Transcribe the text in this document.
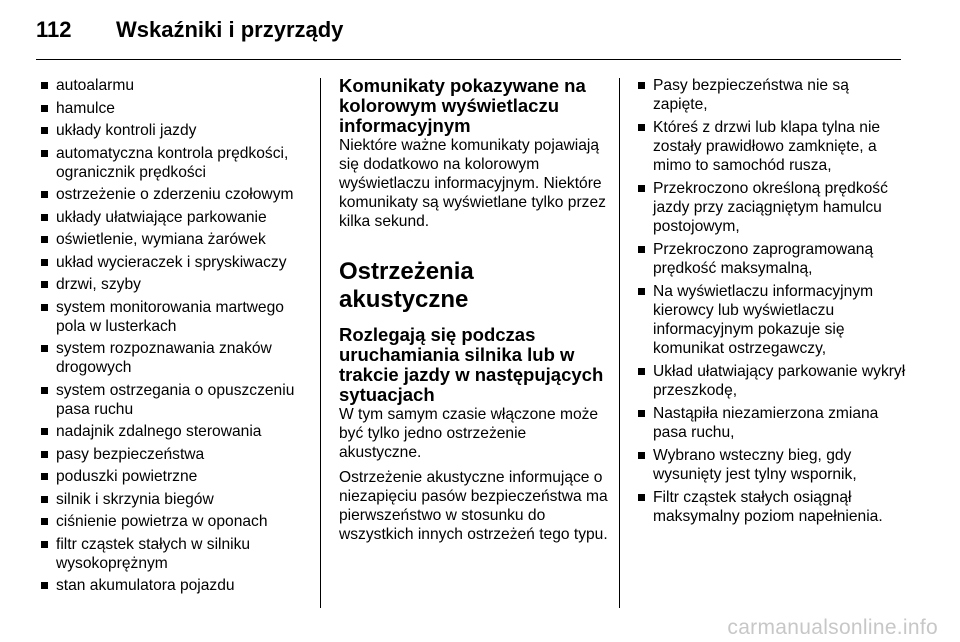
112 Wskaźniki i przyrządy
autoalarmu
hamulce
układy kontroli jazdy
automatyczna kontrola prędkości, ogranicznik prędkości
ostrzeżenie o zderzeniu czołowym
układy ułatwiające parkowanie
oświetlenie, wymiana żarówek
układ wycieraczek i spryskiwaczy
drzwi, szyby
system monitorowania martwego pola w lusterkach
system rozpoznawania znaków drogowych
system ostrzegania o opuszczeniu pasa ruchu
nadajnik zdalnego sterowania
pasy bezpieczeństwa
poduszki powietrzne
silnik i skrzynia biegów
ciśnienie powietrza w oponach
filtr cząstek stałych w silniku wysokoprężnym
stan akumulatora pojazdu
Komunikaty pokazywane na kolorowym wyświetlaczu informacyjnym

Niektóre ważne komunikaty pojawiają się dodatkowo na kolorowym wyświetlaczu informacyjnym. Niektóre komunikaty są wyświetlane tylko przez kilka sekund.

Ostrzeżenia akustyczne
Rozlegają się podczas uruchamiania silnika lub w trakcie jazdy w następujących sytuacjach

W tym samym czasie włączone może być tylko jedno ostrzeżenie akustyczne.

Ostrzeżenie akustyczne informujące o niezapięciu pasów bezpieczeństwa ma pierwszeństwo w stosunku do wszystkich innych ostrzeżeń tego typu.

Pasy bezpieczeństwa nie są zapięte,
Któreś z drzwi lub klapa tylna nie zostały prawidłowo zamknięte, a mimo to samochód rusza,
Przekroczono określoną prędkość jazdy przy zaciągniętym hamulcu postojowym,
Przekroczono zaprogramowaną prędkość maksymalną,
Na wyświetlaczu informacyjnym kierowcy lub wyświetlaczu informacyjnym pokazuje się komunikat ostrzegawczy,
Układ ułatwiający parkowanie wykrył przeszkodę,
Nastąpiła niezamierzona zmiana pasa ruchu,
Wybrano wsteczny bieg, gdy wysunięty jest tylny wspornik,
Filtr cząstek stałych osiągnął maksymalny poziom napełnienia.
carmanualsonline.info
